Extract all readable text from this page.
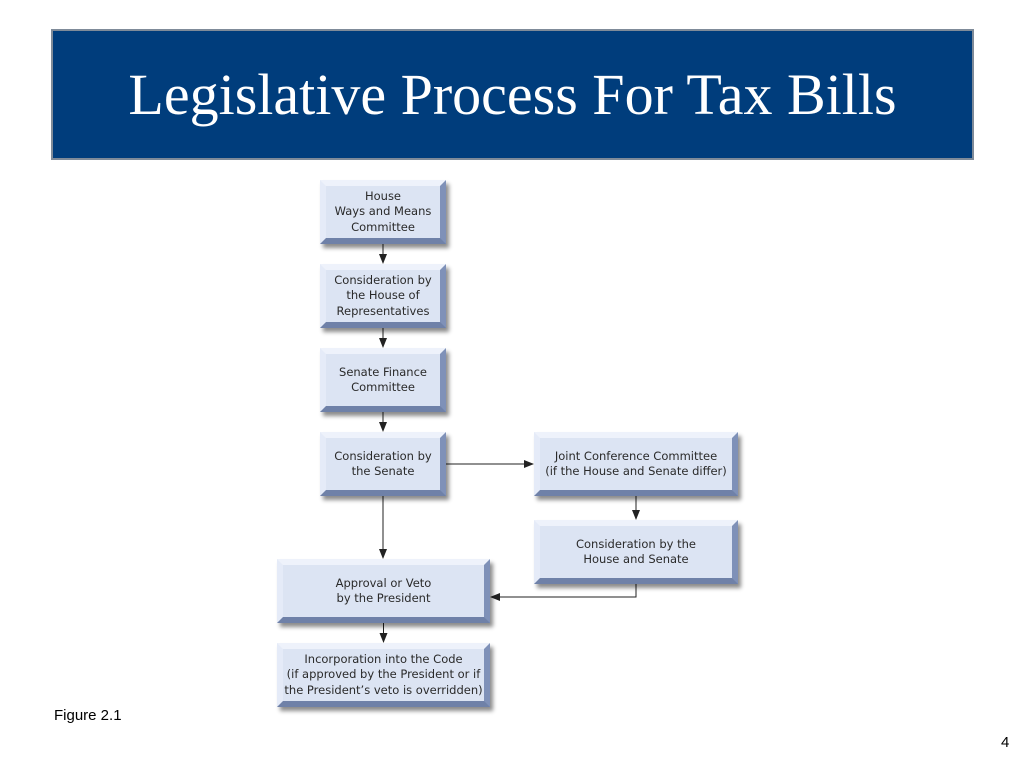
Legislative Process For Tax Bills
House
Ways and Means
Committee
Consideration by
the House of
Representatives
Senate Finance
Committee
Consideration by
the Senate
Joint Conference Committee
(if the House and Senate differ)
Consideration by the
House and Senate
Approval or Veto
by the President
Incorporation into the Code
(if approved by the President or if
the President’s veto is overridden)
Figure 2.1
4
